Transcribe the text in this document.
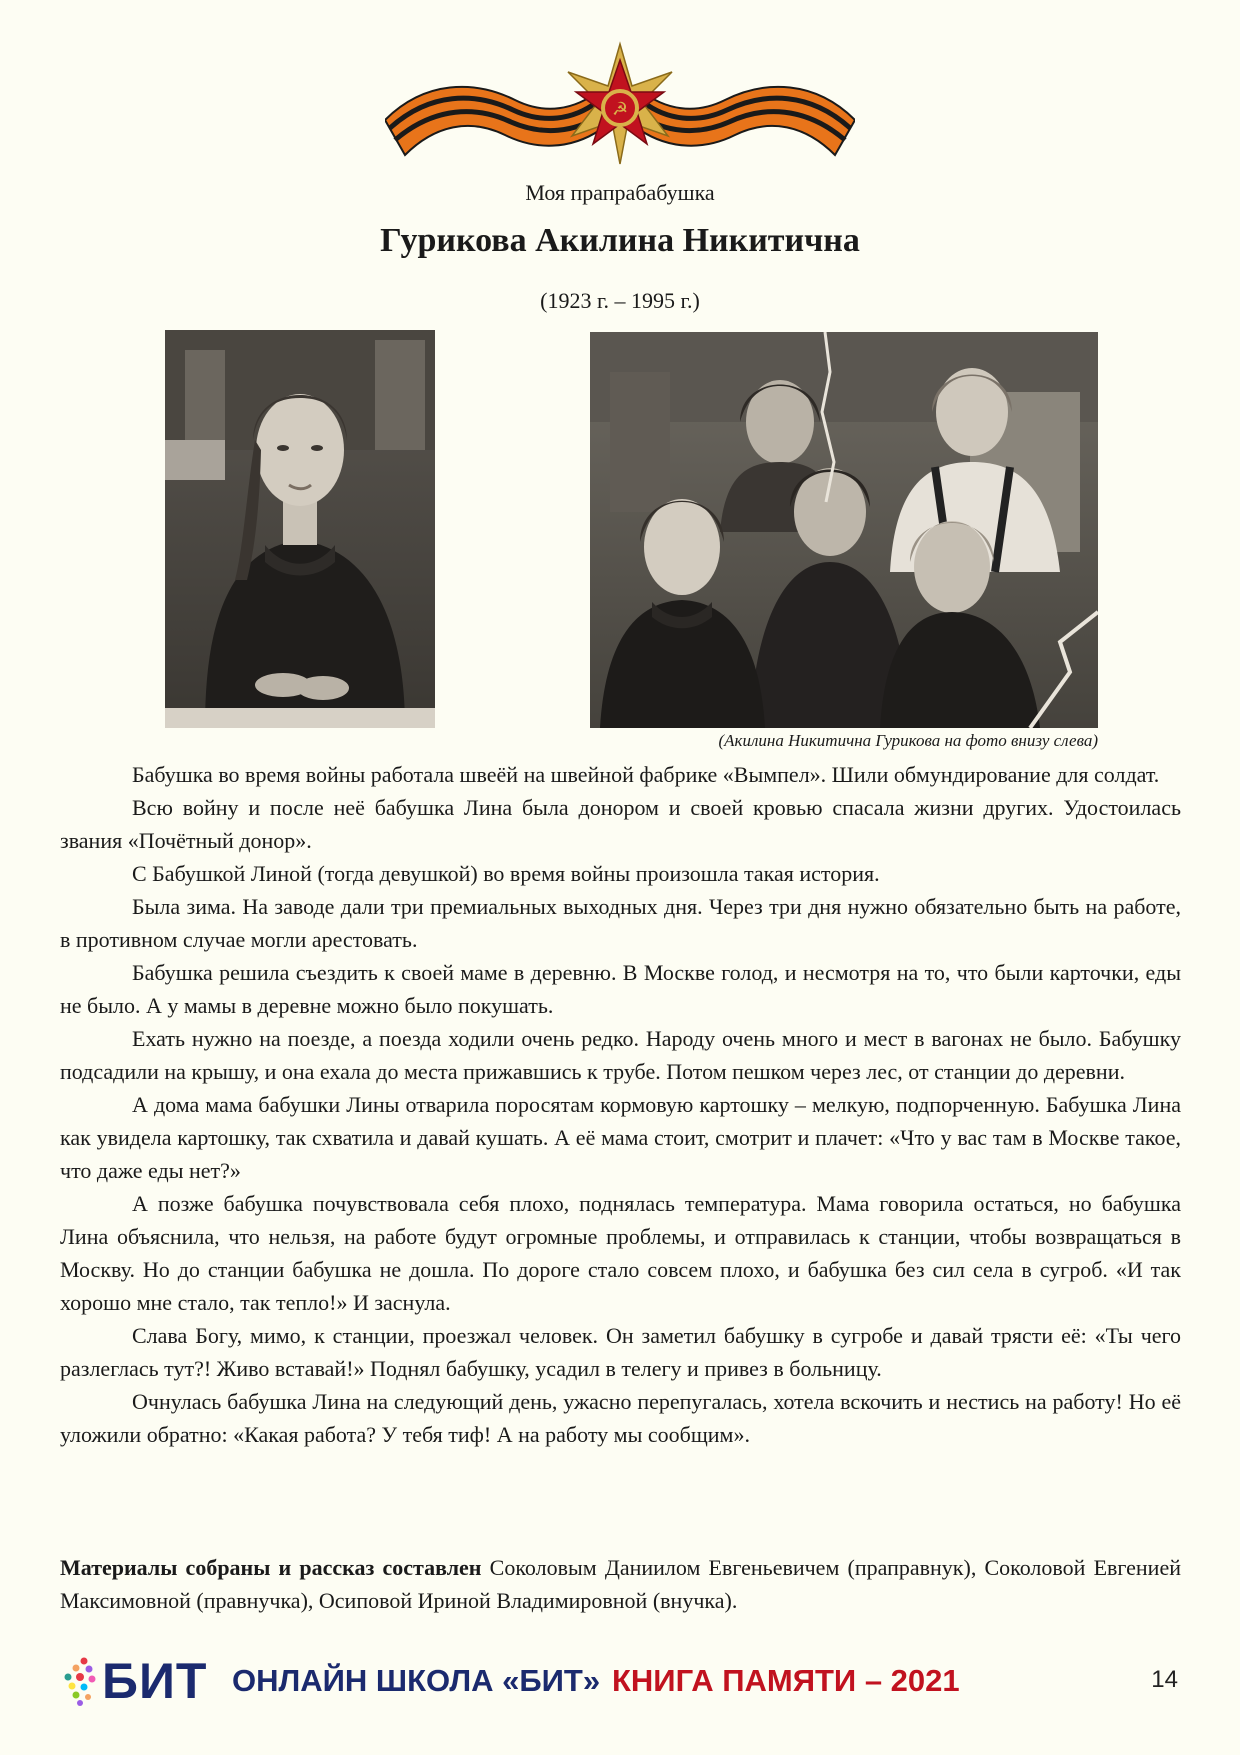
☭
Моя прапрабабушка
Гурикова Акилина Никитична
(1923 г. – 1995 г.)
(Акилина Никитична Гурикова на фото внизу слева)

Бабушка во время войны работала швеёй на швейной фабрике «Вымпел». Шили обмундирование для солдат.

Всю войну и после неё бабушка Лина была донором и своей кровью спасала жизни других. Удостоилась звания «Почётный донор».

С Бабушкой Линой (тогда девушкой) во время войны произошла такая история.

Была зима. На заводе дали три премиальных выходных дня. Через три дня нужно обязательно быть на работе, в противном случае могли арестовать.

Бабушка решила съездить к своей маме в деревню. В Москве голод, и несмотря на то, что были карточки, еды не было. А у мамы в деревне можно было покушать.

Ехать нужно на поезде, а поезда ходили очень редко. Народу очень много и мест в вагонах не было. Бабушку подсадили на крышу, и она ехала до места прижавшись к трубе. Потом пешком через лес, от станции до деревни.

А дома мама бабушки Лины отварила поросятам кормовую картошку – мелкую, подпорченную. Бабушка Лина как увидела картошку, так схватила и давай кушать. А её мама стоит, смотрит и плачет: «Что у вас там в Москве такое, что даже еды нет?»

А позже бабушка почувствовала себя плохо, поднялась температура. Мама говорила остаться, но бабушка Лина объяснила, что нельзя, на работе будут огромные проблемы, и отправилась к станции, чтобы возвращаться в Москву. Но до станции бабушка не дошла. По дороге стало совсем плохо, и бабушка без сил села в сугроб. «И так хорошо мне стало, так тепло!» И заснула.

Слава Богу, мимо, к станции, проезжал человек. Он заметил бабушку в сугробе и давай трясти её: «Ты чего разлеглась тут?! Живо вставай!» Поднял бабушку, усадил в телегу и привез в больницу.

Очнулась бабушка Лина на следующий день, ужасно перепугалась, хотела вскочить и нестись на работу! Но её уложили обратно: «Какая работа? У тебя тиф! А на работу мы сообщим».

Материалы собраны и рассказ составлен Соколовым Даниилом Евгеньевичем (праправнук), Соколовой Евгенией Максимовной (правнучка), Осиповой Ириной Владимировной (внучка).

БИТ ОНЛАЙН ШКОЛА «БИТ» КНИГА ПАМЯТИ – 2021	14
